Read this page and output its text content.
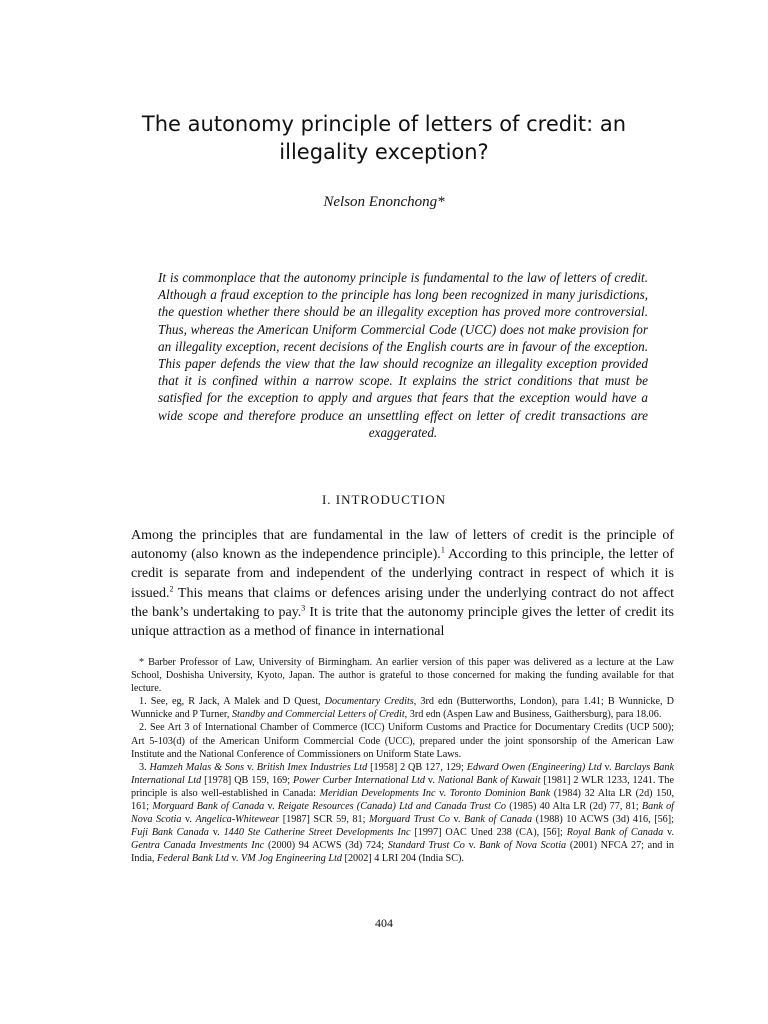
The autonomy principle of letters of credit: an illegality exception?
Nelson Enonchong*

It is commonplace that the autonomy principle is fundamental to the law of letters of credit. Although a fraud exception to the principle has long been recognized in many jurisdictions, the question whether there should be an illegality exception has proved more controversial. Thus, whereas the American Uniform Commercial Code (UCC) does not make provision for an illegality exception, recent decisions of the English courts are in favour of the exception. This paper defends the view that the law should recognize an illegality exception provided that it is confined within a narrow scope. It explains the strict conditions that must be satisfied for the exception to apply and argues that fears that the exception would have a wide scope and therefore produce an unsettling effect on letter of credit transactions are exaggerated.

I. INTRODUCTION

Among the principles that are fundamental in the law of letters of credit is the principle of autonomy (also known as the independence principle).$^1$ According to this principle, the letter of credit is separate from and independent of the underlying contract in respect of which it is issued.$^2$ This means that claims or defences arising under the underlying contract do not affect the bank’s undertaking to pay.$^3$ It is trite that the autonomy principle gives the letter of credit its unique attraction as a method of finance in international

* Barber Professor of Law, University of Birmingham. An earlier version of this paper was delivered as a lecture at the Law School, Doshisha University, Kyoto, Japan. The author is grateful to those concerned for making the funding available for that lecture.

1. See, eg, R Jack, A Malek and D Quest, Documentary Credits, 3rd edn (Butterworths, London), para 1.41; B Wunnicke, D Wunnicke and P Turner, Standby and Commercial Letters of Credit, 3rd edn (Aspen Law and Business, Gaithersburg), para 18.06.

2. See Art 3 of International Chamber of Commerce (ICC) Uniform Customs and Practice for Documentary Credits (UCP 500); Art 5-103(d) of the American Uniform Commercial Code (UCC), prepared under the joint sponsorship of the American Law Institute and the National Conference of Commissioners on Uniform State Laws.

3. Hamzeh Malas & Sons v. British Imex Industries Ltd [1958] 2 QB 127, 129; Edward Owen (Engineering) Ltd v. Barclays Bank International Ltd [1978] QB 159, 169; Power Curber International Ltd v. National Bank of Kuwait [1981] 2 WLR 1233, 1241. The principle is also well-established in Canada: Meridian Developments Inc v. Toronto Dominion Bank (1984) 32 Alta LR (2d) 150, 161; Morguard Bank of Canada v. Reigate Resources (Canada) Ltd and Canada Trust Co (1985) 40 Alta LR (2d) 77, 81; Bank of Nova Scotia v. Angelica-Whitewear [1987] SCR 59, 81; Morguard Trust Co v. Bank of Canada (1988) 10 ACWS (3d) 416, [56]; Fuji Bank Canada v. 1440 Ste Catherine Street Developments Inc [1997] OAC Uned 238 (CA), [56]; Royal Bank of Canada v. Gentra Canada Investments Inc (2000) 94 ACWS (3d) 724; Standard Trust Co v. Bank of Nova Scotia (2001) NFCA 27; and in India, Federal Bank Ltd v. VM Jog Engineering Ltd [2002] 4 LRI 204 (India SC).

404
